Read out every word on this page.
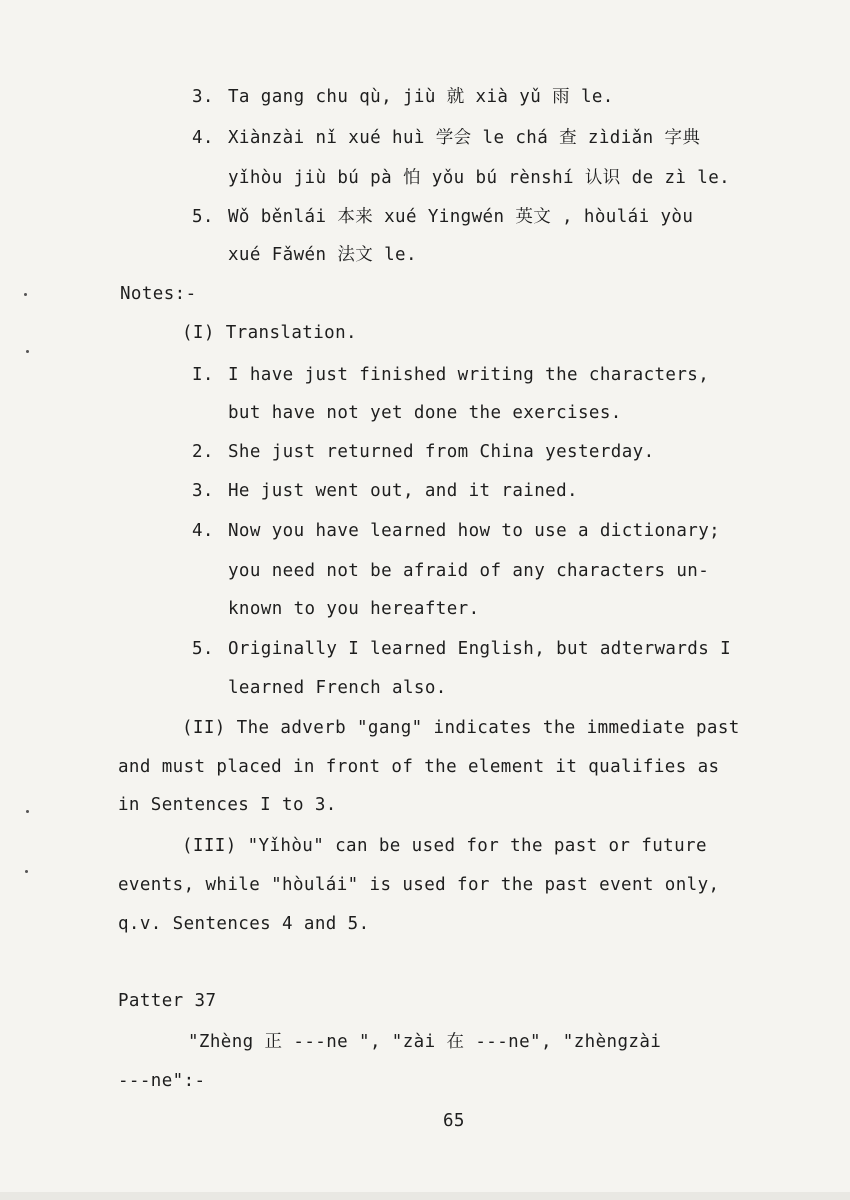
3. Ta gang chu qù, jiù 就 xià yǔ 雨 le.
4. Xiànzài nǐ xué huì 学会 le chá 查 zìdiǎn 字典
yǐhòu jiù bú pà 怕 yǒu bú rènshí 认识 de zì le.
5. Wǒ běnlái 本来 xué Yingwén 英文 , hòulái yòu
xué Fǎwén 法文 le.
Notes:-
(I) Translation.
I. I have just finished writing the characters,
but have not yet done the exercises.
2. She just returned from China yesterday.
3. He just went out, and it rained.
4. Now you have learned how to use a dictionary;
you need not be afraid of any characters un-
known to you hereafter.
5. Originally I learned English, but adterwards I
learned French also.
(II) The adverb "gang" indicates the immediate past
and must placed in front of the element it qualifies as
in Sentences I to 3.
(III) "Yǐhòu" can be used for the past or future
events, while "hòulái" is used for the past event only,
q.v. Sentences 4 and 5.
Patter 37
"Zhèng 正 ---ne ", "zài 在 ---ne", "zhèngzài
---ne":-
65
